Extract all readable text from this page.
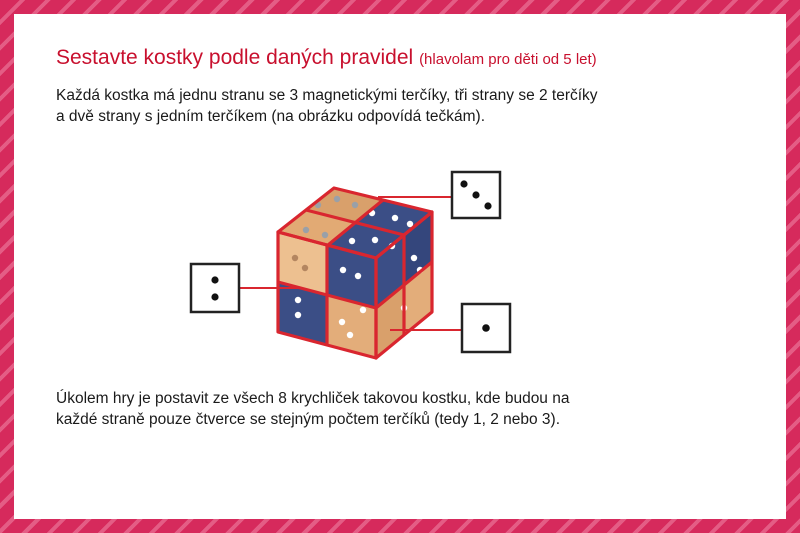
Sestavte kostky podle daných pravidel (hlavolam pro děti od 5 let)
Každá kostka má jednu stranu se 3 magnetickými terčíky, tři strany se 2 terčíky
a dvě strany s jedním terčíkem (na obrázku odpovídá tečkám).
Úkolem hry je postavit ze všech 8 krychliček takovou kostku, kde budou na
každé straně pouze čtverce se stejným počtem terčíků (tedy 1, 2 nebo 3).
